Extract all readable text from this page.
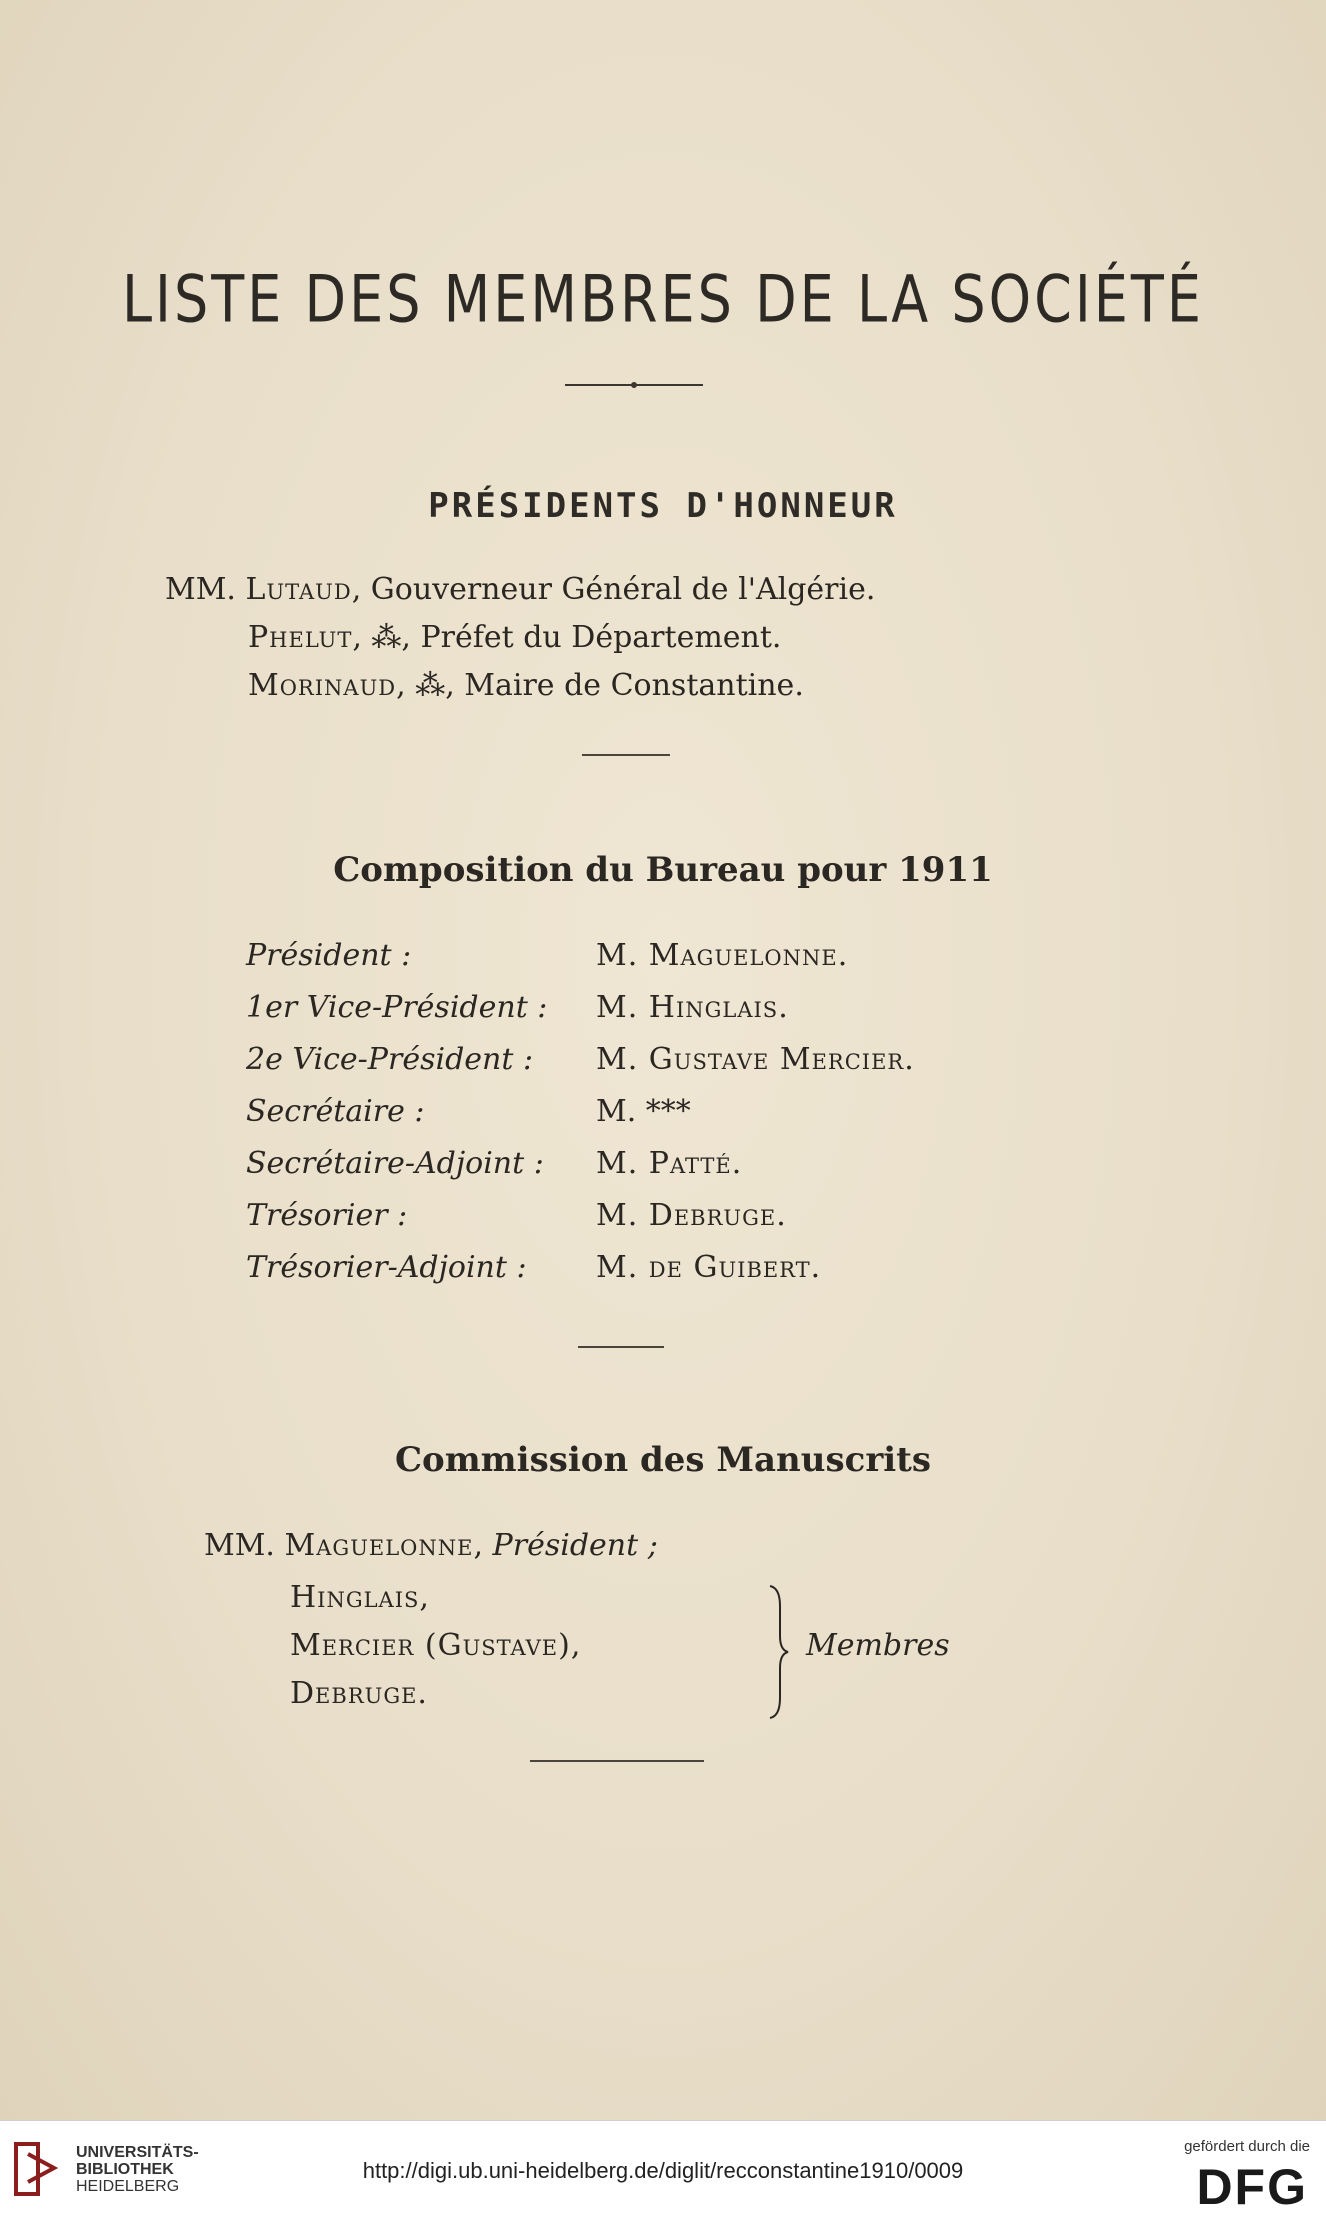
LISTE DES MEMBRES DE LA SOCIÉTÉ
PRÉSIDENTS D'HONNEUR
MM. Lutaud, Gouverneur Général de l'Algérie.
Phelut, ⁂, Préfet du Département.
Morinaud, ⁂, Maire de Constantine.
Composition du Bureau pour 1911
Président :	M. Maguelonne.
1er Vice-Président : M. Hinglais.
2e Vice-Président : M. Gustave Mercier.
Secrétaire :	M. ***
Secrétaire-Adjoint : M. Patté.
Trésorier :	M. Debruge.
Trésorier-Adjoint : M. de Guibert.
Commission des Manuscrits
MM. Maguelonne, Président ;
Hinglais,
Mercier (Gustave),
Debruge.
Membres
UNIVERSITÄTS-
BIBLIOTHEK
HEIDELBERG
http://digi.ub.uni-heidelberg.de/diglit/recconstantine1910/0009
gefördert durch die
DFG
